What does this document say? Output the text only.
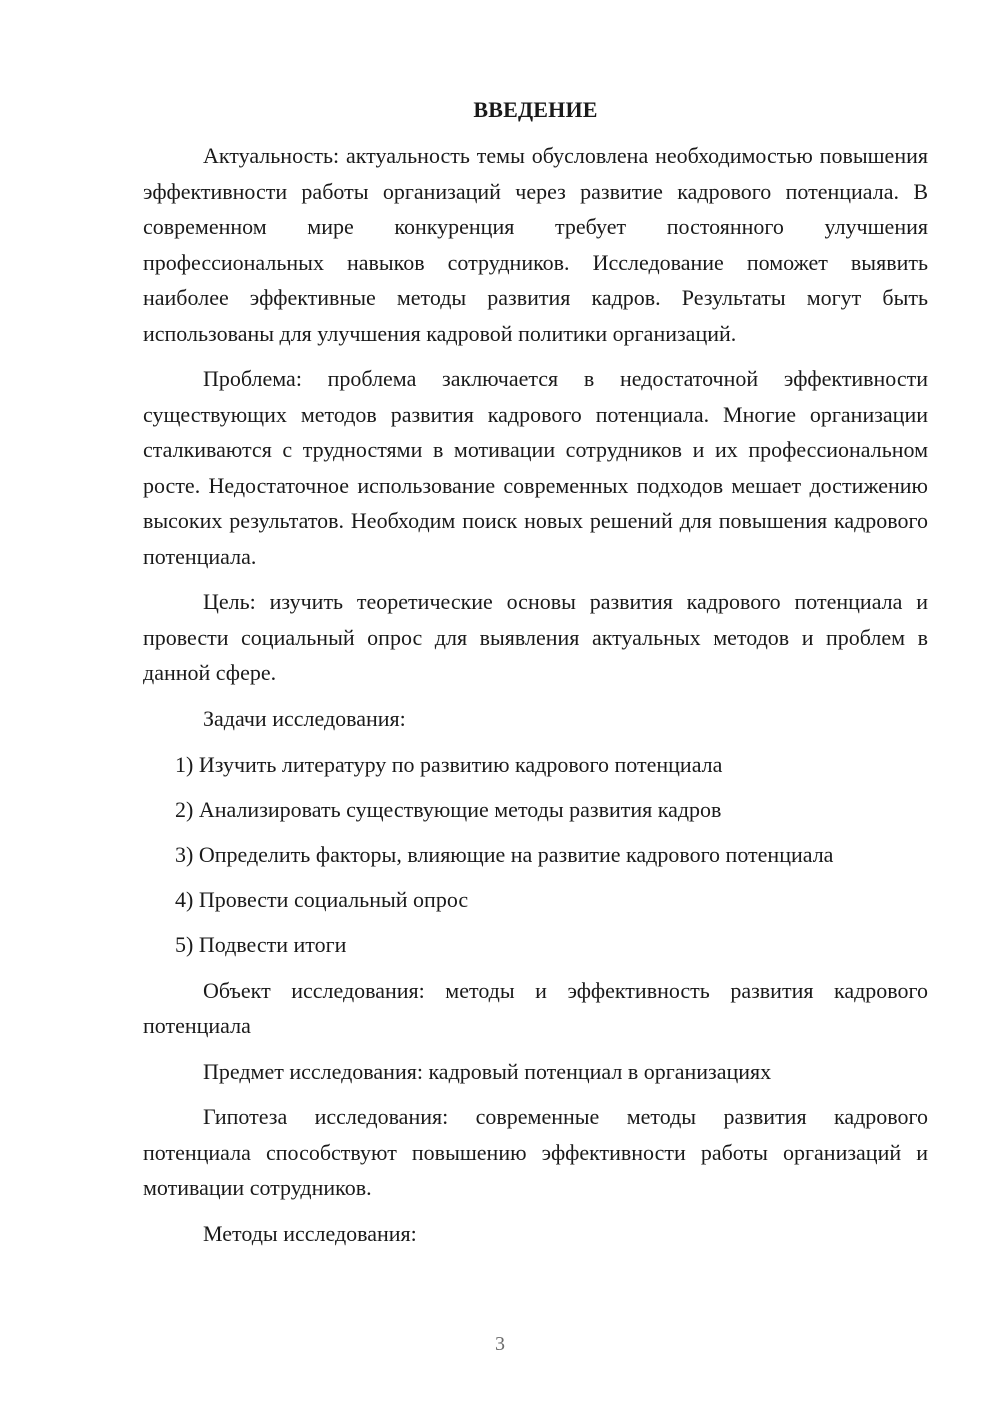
ВВЕДЕНИЕ

Актуальность: актуальность темы обусловлена необходимостью повышения эффективности работы организаций через развитие кадрового потенциала. В современном мире конкуренция требует постоянного улучшения профессиональных навыков сотрудников. Исследование поможет выявить наиболее эффективные методы развития кадров. Результаты могут быть использованы для улучшения кадровой политики организаций.

Проблема: проблема заключается в недостаточной эффективности существующих методов развития кадрового потенциала. Многие организации сталкиваются с трудностями в мотивации сотрудников и их профессиональном росте. Недостаточное использование современных подходов мешает достижению высоких результатов. Необходим поиск новых решений для повышения кадрового потенциала.

Цель: изучить теоретические основы развития кадрового потенциала и провести социальный опрос для выявления актуальных методов и проблем в данной сфере.

Задачи исследования:

1) Изучить литературу по развитию кадрового потенциала
2) Анализировать существующие методы развития кадров
3) Определить факторы, влияющие на развитие кадрового потенциала
4) Провести социальный опрос
5) Подвести итоги

Объект исследования: методы и эффективность развития кадрового потенциала

Предмет исследования: кадровый потенциал в организациях

Гипотеза исследования: современные методы развития кадрового потенциала способствуют повышению эффективности работы организаций и мотивации сотрудников.

Методы исследования:

3
